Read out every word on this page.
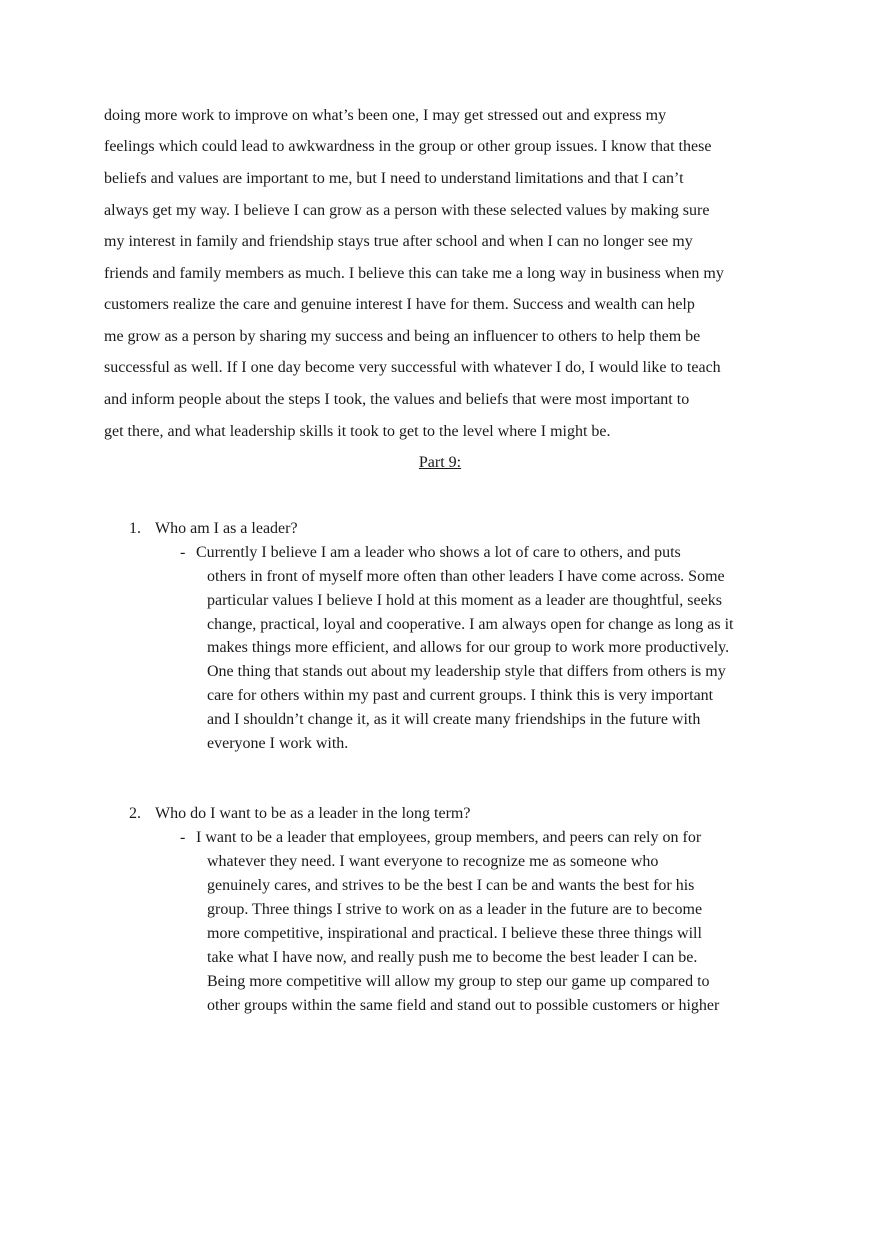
doing more work to improve on what’s been one, I may get stressed out and express my
feelings which could lead to awkwardness in the group or other group issues. I know that these
beliefs and values are important to me, but I need to understand limitations and that I can’t
always get my way. I believe I can grow as a person with these selected values by making sure
my interest in family and friendship stays true after school and when I can no longer see my
friends and family members as much. I believe this can take me a long way in business when my
customers realize the care and genuine interest I have for them. Success and wealth can help
me grow as a person by sharing my success and being an influencer to others to help them be
successful as well. If I one day become very successful with whatever I do, I would like to teach
and inform people about the steps I took, the values and beliefs that were most important to
get there, and what leadership skills it took to get to the level where I might be.
Part 9:
1. Who am I as a leader?
- Currently I believe I am a leader who shows a lot of care to others, and puts
others in front of myself more often than other leaders I have come across. Some
particular values I believe I hold at this moment as a leader are thoughtful, seeks
change, practical, loyal and cooperative. I am always open for change as long as it
makes things more efficient, and allows for our group to work more productively.
One thing that stands out about my leadership style that differs from others is my
care for others within my past and current groups. I think this is very important
and I shouldn’t change it, as it will create many friendships in the future with
everyone I work with.
2. Who do I want to be as a leader in the long term?
- I want to be a leader that employees, group members, and peers can rely on for
whatever they need. I want everyone to recognize me as someone who
genuinely cares, and strives to be the best I can be and wants the best for his
group. Three things I strive to work on as a leader in the future are to become
more competitive, inspirational and practical. I believe these three things will
take what I have now, and really push me to become the best leader I can be.
Being more competitive will allow my group to step our game up compared to
other groups within the same field and stand out to possible customers or higher
